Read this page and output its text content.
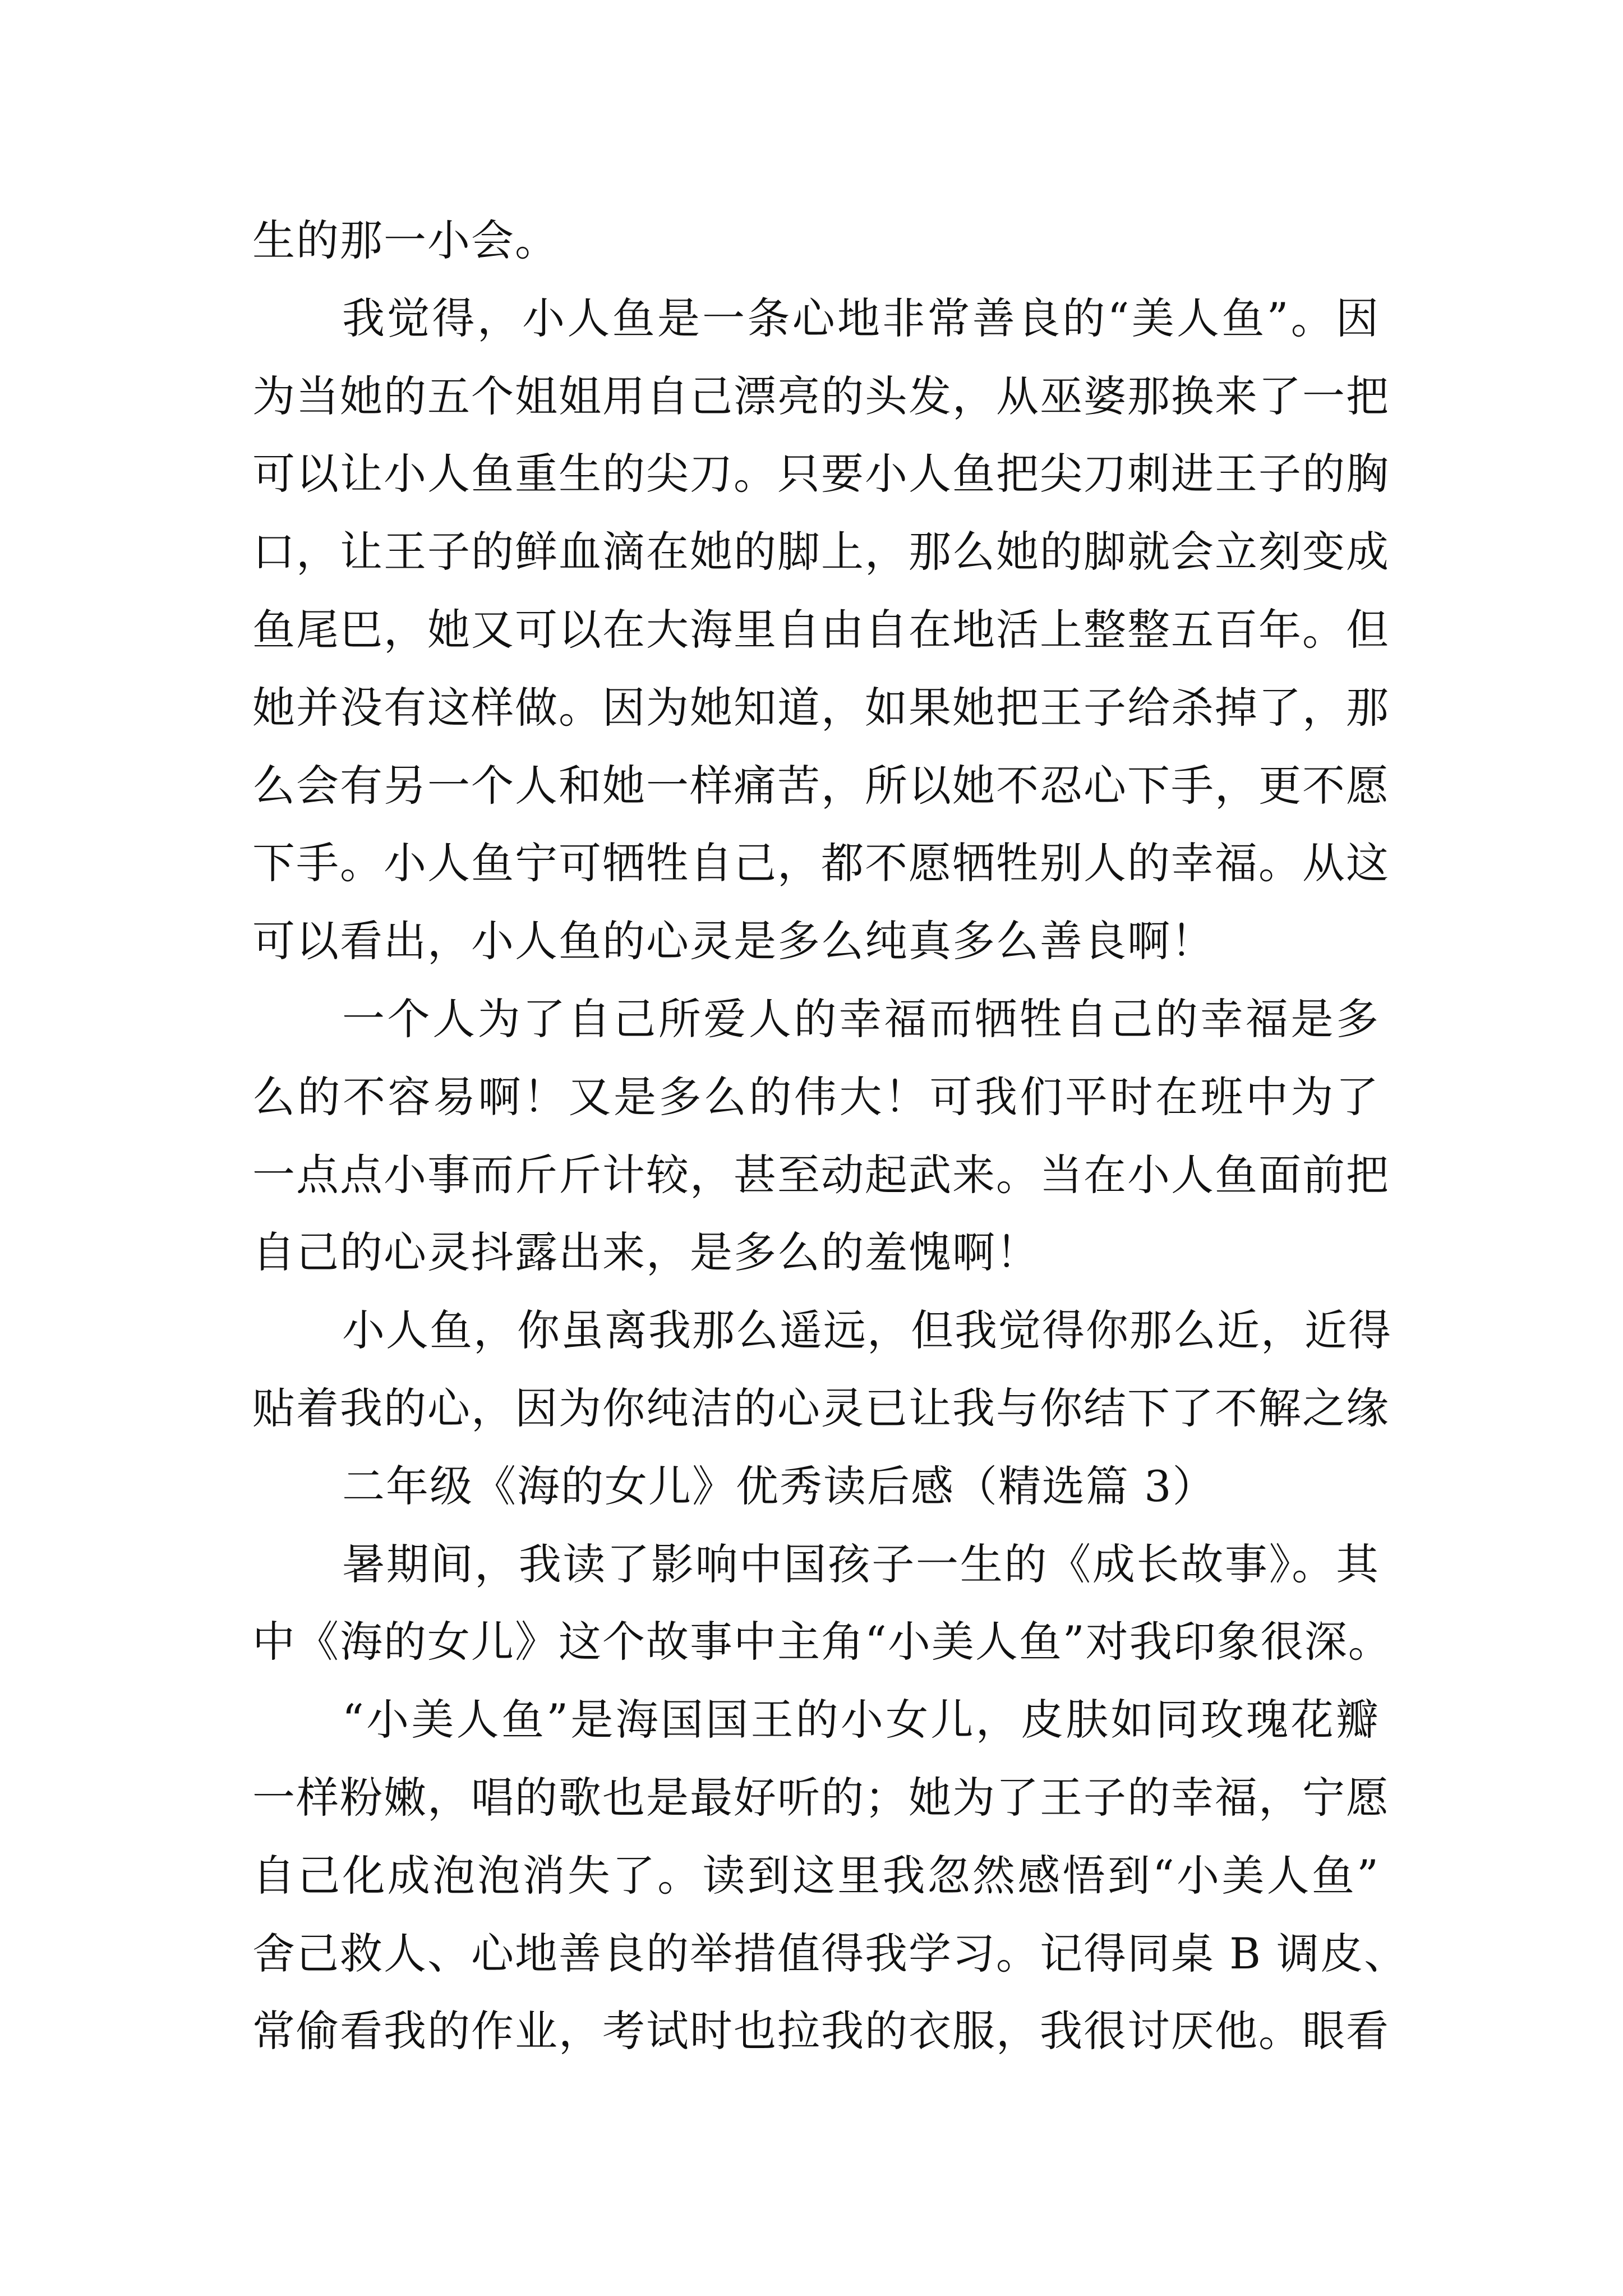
生的那一小会。
我觉得，小人鱼是一条心地非常善良的“美人鱼”。因
为当她的五个姐姐用自己漂亮的头发，从巫婆那换来了一把
可以让小人鱼重生的尖刀。只要小人鱼把尖刀刺进王子的胸
口，让王子的鲜血滴在她的脚上，那么她的脚就会立刻变成
鱼尾巴，她又可以在大海里自由自在地活上整整五百年。但
她并没有这样做。因为她知道，如果她把王子给杀掉了，那
么会有另一个人和她一样痛苦，所以她不忍心下手，更不愿
下手。小人鱼宁可牺牲自己，都不愿牺牲别人的幸福。从这
可以看出，小人鱼的心灵是多么纯真多么善良啊！
一个人为了自己所爱人的幸福而牺牲自己的幸福是多
么的不容易啊！又是多么的伟大！可我们平时在班中为了
一点点小事而斤斤计较，甚至动起武来。当在小人鱼面前把
自己的心灵抖露出来，是多么的羞愧啊！
小人鱼，你虽离我那么遥远，但我觉得你那么近，近得
贴着我的心，因为你纯洁的心灵已让我与你结下了不解之缘
二年级《海的女儿》优秀读后感（精选篇 3）
暑期间，我读了影响中国孩子一生的《成长故事》。其
中《海的女儿》这个故事中主角“小美人鱼”对我印象很深。
“小美人鱼”是海国国王的小女儿，皮肤如同玫瑰花瓣
一样粉嫩，唱的歌也是最好听的；她为了王子的幸福，宁愿
自己化成泡泡消失了。读到这里我忽然感悟到“小美人鱼”
舍己救人、心地善良的举措值得我学习。记得同桌 B 调皮、
常偷看我的作业，考试时也拉我的衣服，我很讨厌他。眼看
